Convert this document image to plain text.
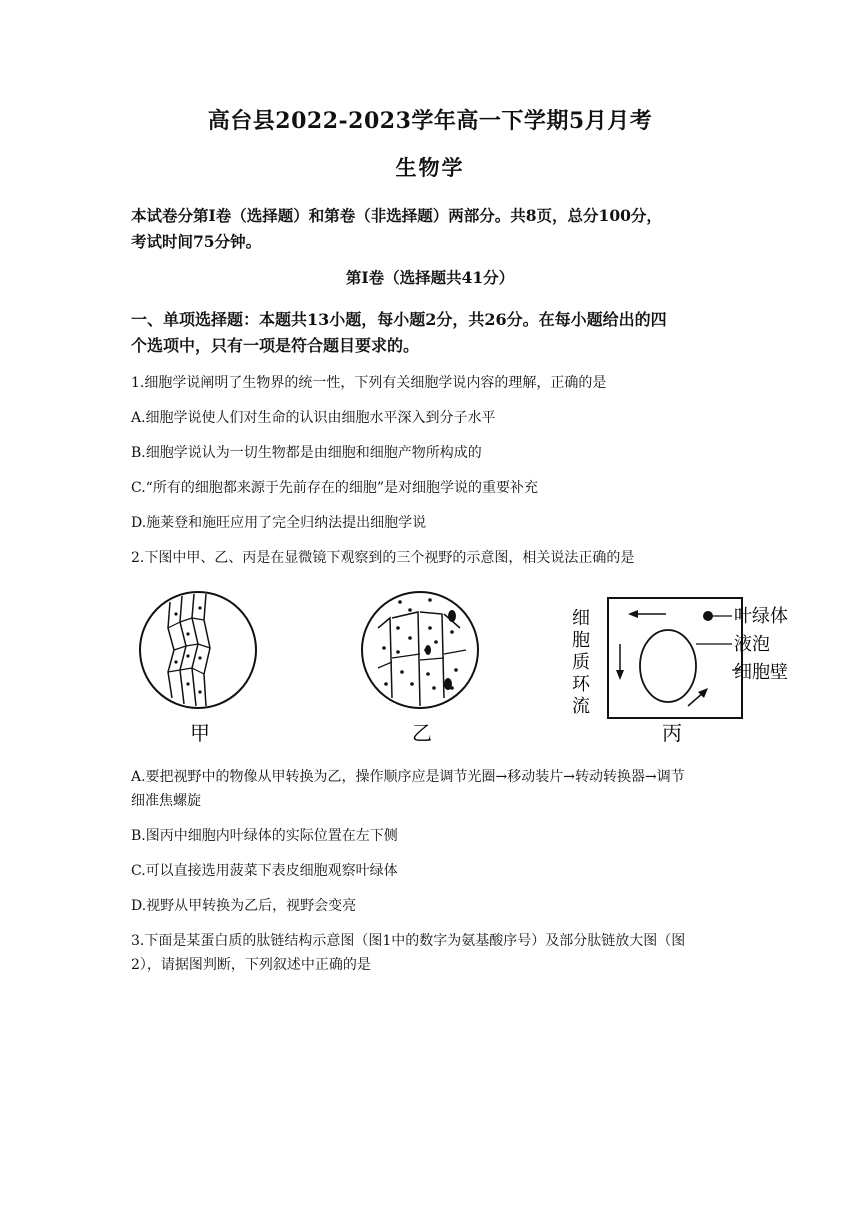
高台县2022-2023学年高一下学期5月月考
生物学
本试卷分第Ⅰ卷（选择题）和第卷（非选择题）两部分。共8页，总分100分，
考试时间75分钟。
第Ⅰ卷（选择题共41分）
一、单项选择题：本题共13小题，每小题2分，共26分。在每小题给出的四
个选项中，只有一项是符合题目要求的。
1.细胞学说阐明了生物界的统一性，下列有关细胞学说内容的理解，正确的是
A.细胞学说使人们对生命的认识由细胞水平深入到分子水平
B.细胞学说认为一切生物都是由细胞和细胞产物所构成的
C.“所有的细胞都来源于先前存在的细胞”是对细胞学说的重要补充
D.施莱登和施旺应用了完全归纳法提出细胞学说
2.下图中甲、乙、丙是在显微镜下观察到的三个视野的示意图，相关说法正确的是
甲	乙
叶绿体
液泡
细胞壁
细
胞
质
环
流
丙
A.要把视野中的物像从甲转换为乙，操作顺序应是调节光圈→移动装片→转动转换器→调节
细准焦螺旋
B.图丙中细胞内叶绿体的实际位置在左下侧
C.可以直接选用菠菜下表皮细胞观察叶绿体
D.视野从甲转换为乙后，视野会变亮
3.下面是某蛋白质的肽链结构示意图（图1中的数字为氨基酸序号）及部分肽链放大图（图
2），请据图判断，下列叙述中正确的是
